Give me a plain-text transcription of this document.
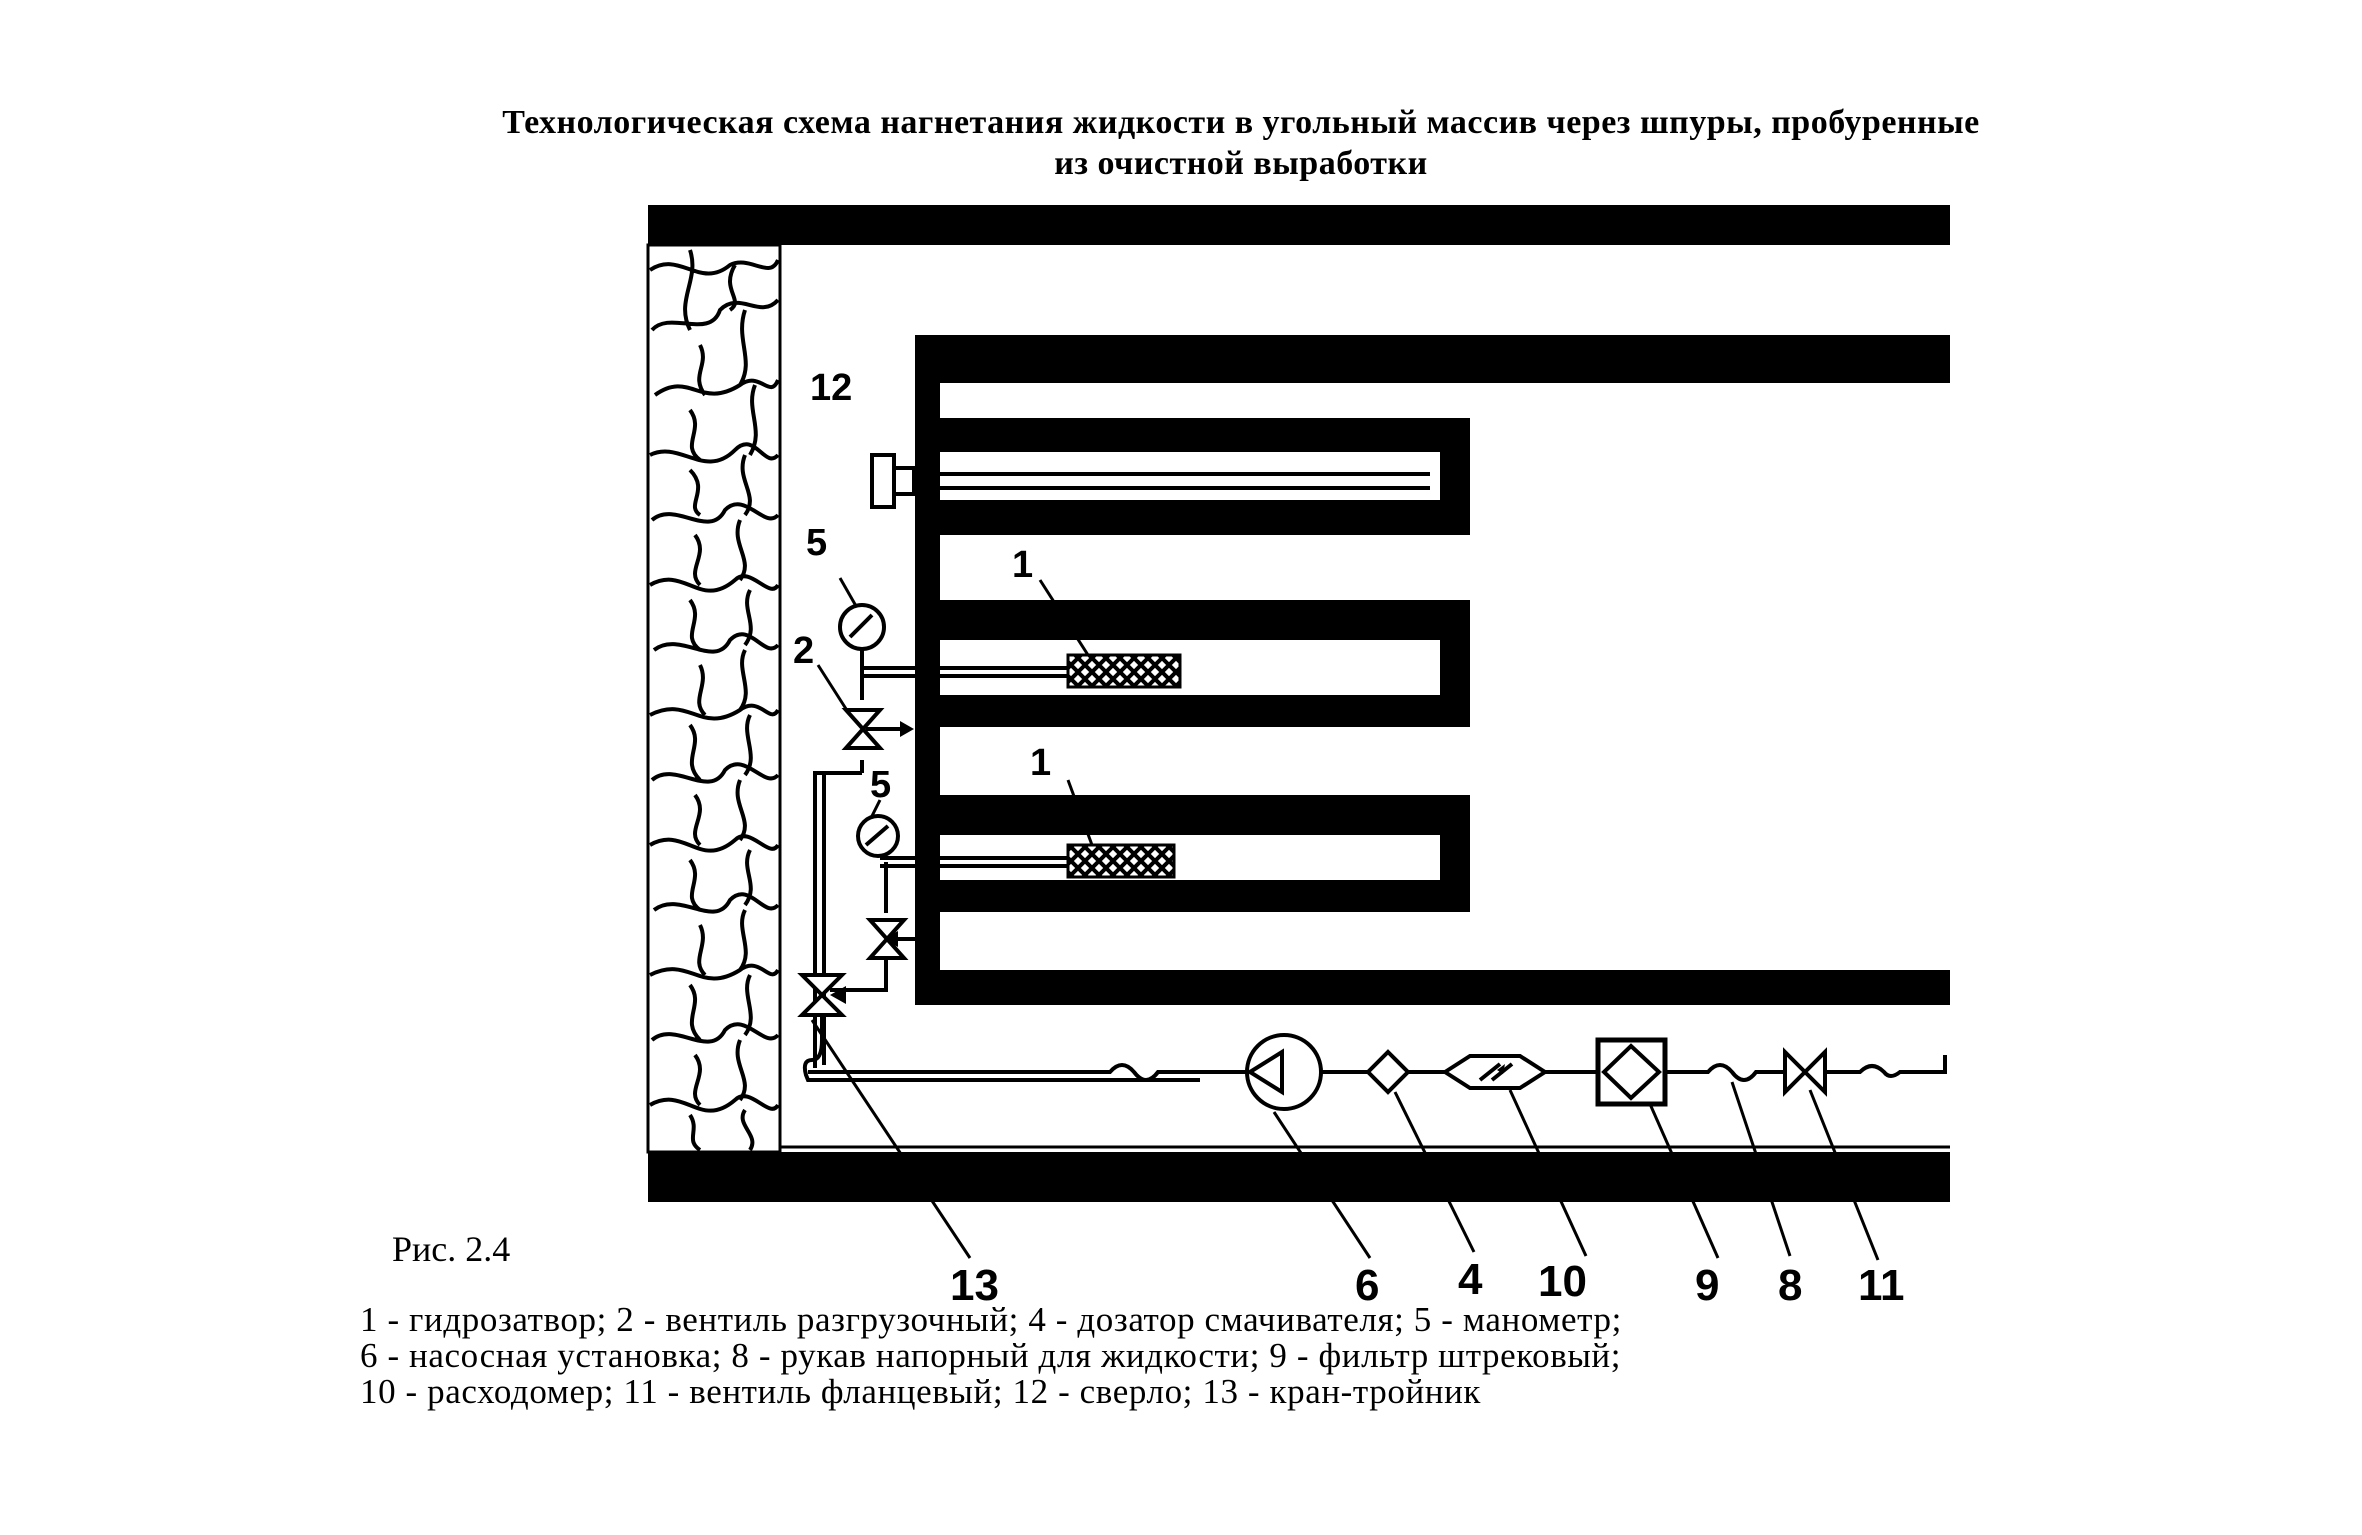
Технологическая схема нагнетания жидкости в угольный массив через шпуры, пробуренные
из очистной выработки
12
5
2
5
1
1
13	6 4 10 9 8 11
Рис. 2.4
1 - гидрозатвор; 2 - вентиль разгрузочный; 4 - дозатор смачивателя; 5 - манометр;
6 - насосная установка; 8 - рукав напорный для жидкости; 9 - фильтр штрековый;
10 - расходомер; 11 - вентиль фланцевый; 12 - сверло; 13 - кран-тройник
